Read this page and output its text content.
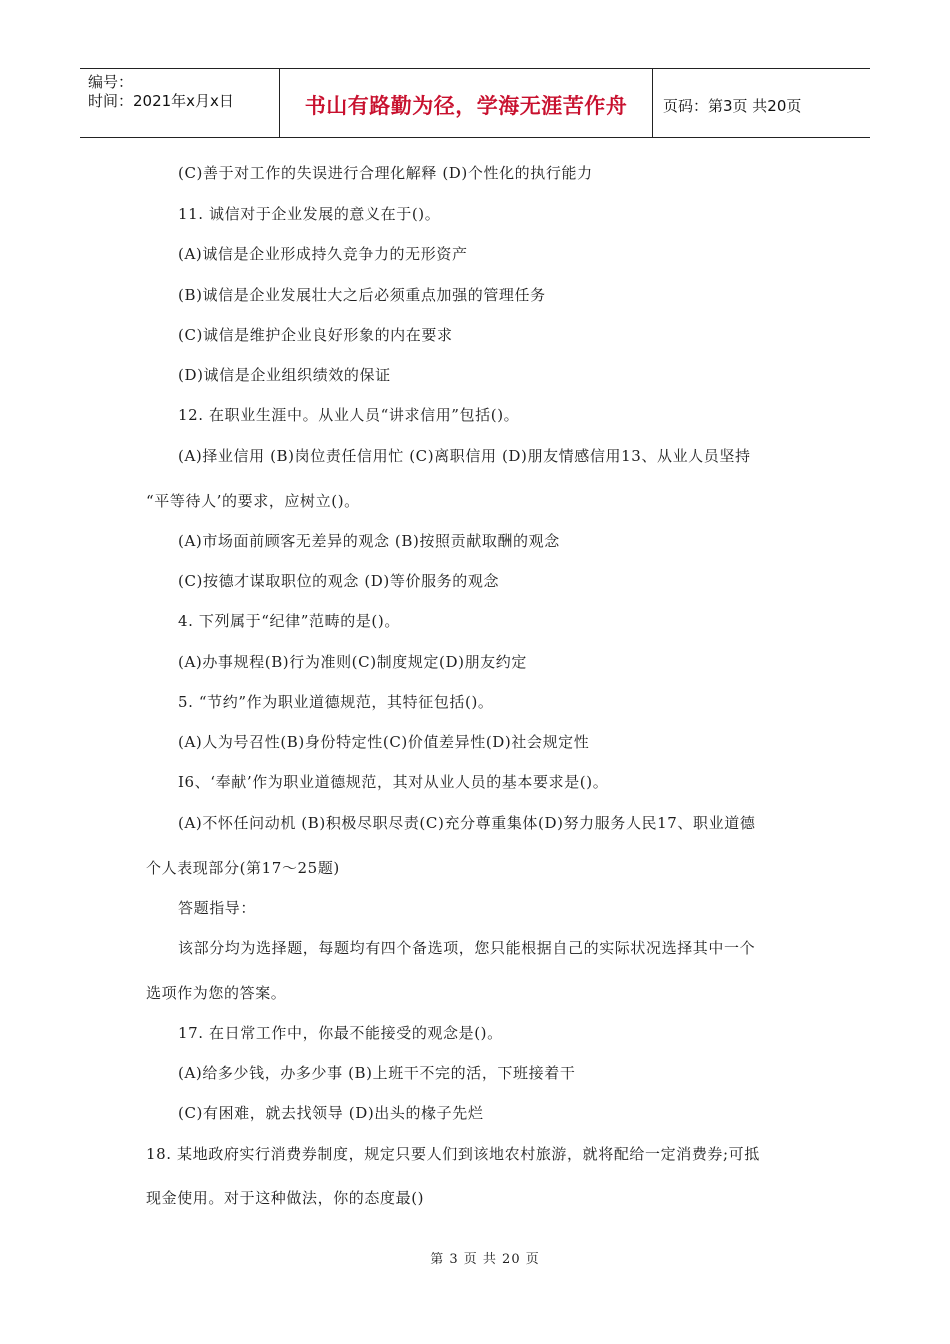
编号：
时间：2021年x月x日	书山有路勤为径，学海无涯苦作舟	页码：第3页 共20页
(C)善于对工作的失误进行合理化解释 (D)个性化的执行能力
11. 诚信对于企业发展的意义在于()。
(A)诚信是企业形成持久竞争力的无形资产
(B)诚信是企业发展壮大之后必须重点加强的管理任务
(C)诚信是维护企业良好形象的内在要求
(D)诚信是企业组织绩效的保证
12. 在职业生涯中。从业人员“讲求信用”包括()。
(A)择业信用 (B)岗位责任信用忙 (C)离职信用 (D)朋友情感信用13、从业人员坚持
“平等待人’的要求，应树立()。
(A)市场面前顾客无差异的观念 (B)按照贡献取酬的观念
(C)按德才谋取职位的观念 (D)等价服务的观念
4. 下列属于“纪律”范畴的是()。
(A)办事规程(B)行为准则(C)制度规定(D)朋友约定
5. “节约”作为职业道德规范，其特征包括()。
(A)人为号召性(B)身份特定性(C)价值差异性(D)社会规定性
I6、‘奉献’作为职业道德规范，其对从业人员的基本要求是()。
(A)不怀任问动机 (B)积极尽职尽责(C)充分尊重集体(D)努力服务人民17、职业道德
个人表现部分(第17～25题)
答题指导：
该部分均为选择题，每题均有四个备选项，您只能根据自己的实际状况选择其中一个
选项作为您的答案。
17. 在日常工作中，你最不能接受的观念是()。
(A)给多少钱，办多少事 (B)上班干不完的活，下班接着干
(C)有困难，就去找领导 (D)出头的椽子先烂
18. 某地政府实行消费券制度，规定只要人们到该地农村旅游，就将配给一定消费券;可抵
现金使用。对于这种做法，你的态度最()
第 3 页 共 20 页
